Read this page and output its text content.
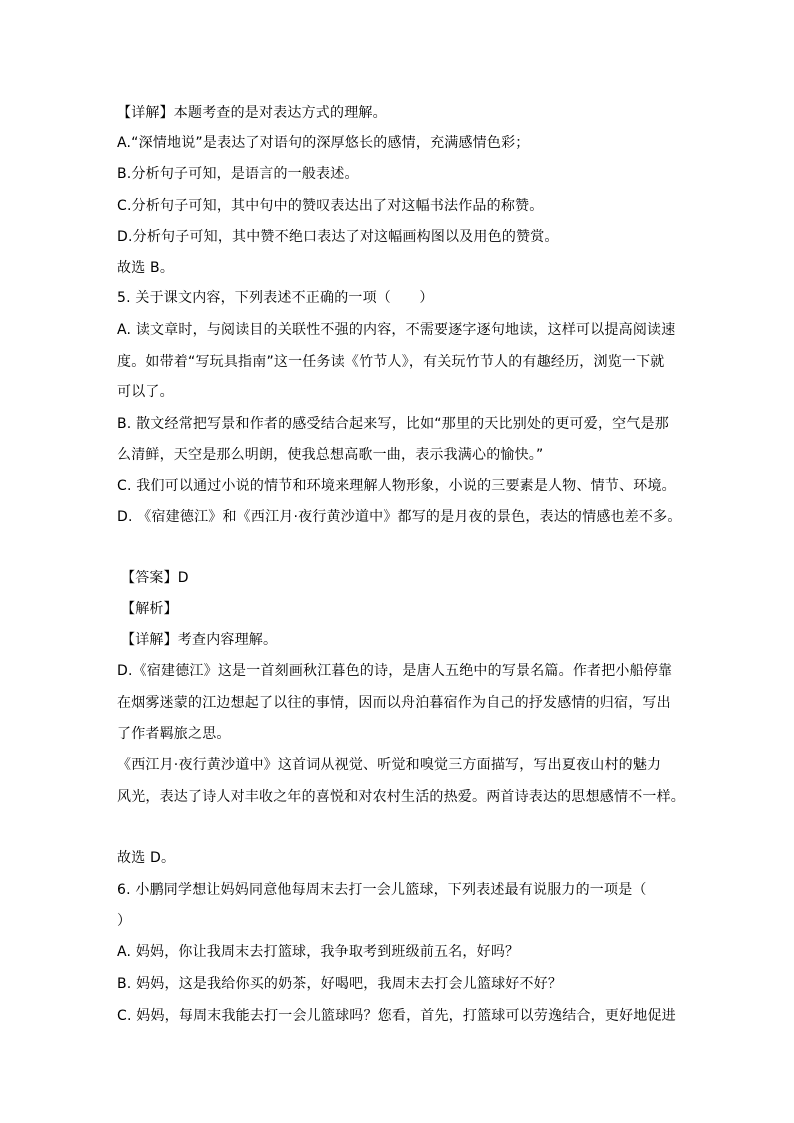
【详解】本题考查的是对表达方式的理解。
A.“深情地说”是表达了对语句的深厚悠长的感情，充满感情色彩；
B.分析句子可知，是语言的一般表述。
C.分析句子可知，其中句中的赞叹表达出了对这幅书法作品的称赞。
D.分析句子可知，其中赞不绝口表达了对这幅画构图以及用色的赞赏。
故选 B。
5. 关于课文内容，下列表述不正确的一项（　　）
A. 读文章时，与阅读目的关联性不强的内容，不需要逐字逐句地读，这样可以提高阅读速
度。如带着“写玩具指南”这一任务读《竹节人》，有关玩竹节人的有趣经历，浏览一下就
可以了。
B. 散文经常把写景和作者的感受结合起来写，比如“那里的天比别处的更可爱，空气是那
么清鲜，天空是那么明朗，使我总想高歌一曲，表示我满心的愉快。”
C. 我们可以通过小说的情节和环境来理解人物形象，小说的三要素是人物、情节、环境。
D. 《宿建德江》和《西江月·夜行黄沙道中》都写的是月夜的景色，表达的情感也差不多。
【答案】D
【解析】
【详解】考查内容理解。
D.《宿建德江》这是一首刻画秋江暮色的诗，是唐人五绝中的写景名篇。作者把小船停靠
在烟雾迷蒙的江边想起了以往的事情，因而以舟泊暮宿作为自己的抒发感情的归宿，写出
了作者羁旅之思。
《西江月·夜行黄沙道中》这首词从视觉、听觉和嗅觉三方面描写，写出夏夜山村的魅力
风光，表达了诗人对丰收之年的喜悦和对农村生活的热爱。两首诗表达的思想感情不一样。
故选 D。
6. 小鹏同学想让妈妈同意他每周末去打一会儿篮球，下列表述最有说服力的一项是（
）
A. 妈妈，你让我周末去打篮球，我争取考到班级前五名，好吗？
B. 妈妈，这是我给你买的奶茶，好喝吧，我周末去打会儿篮球好不好？
C. 妈妈，每周末我能去打一会儿篮球吗？您看，首先，打篮球可以劳逸结合，更好地促进
